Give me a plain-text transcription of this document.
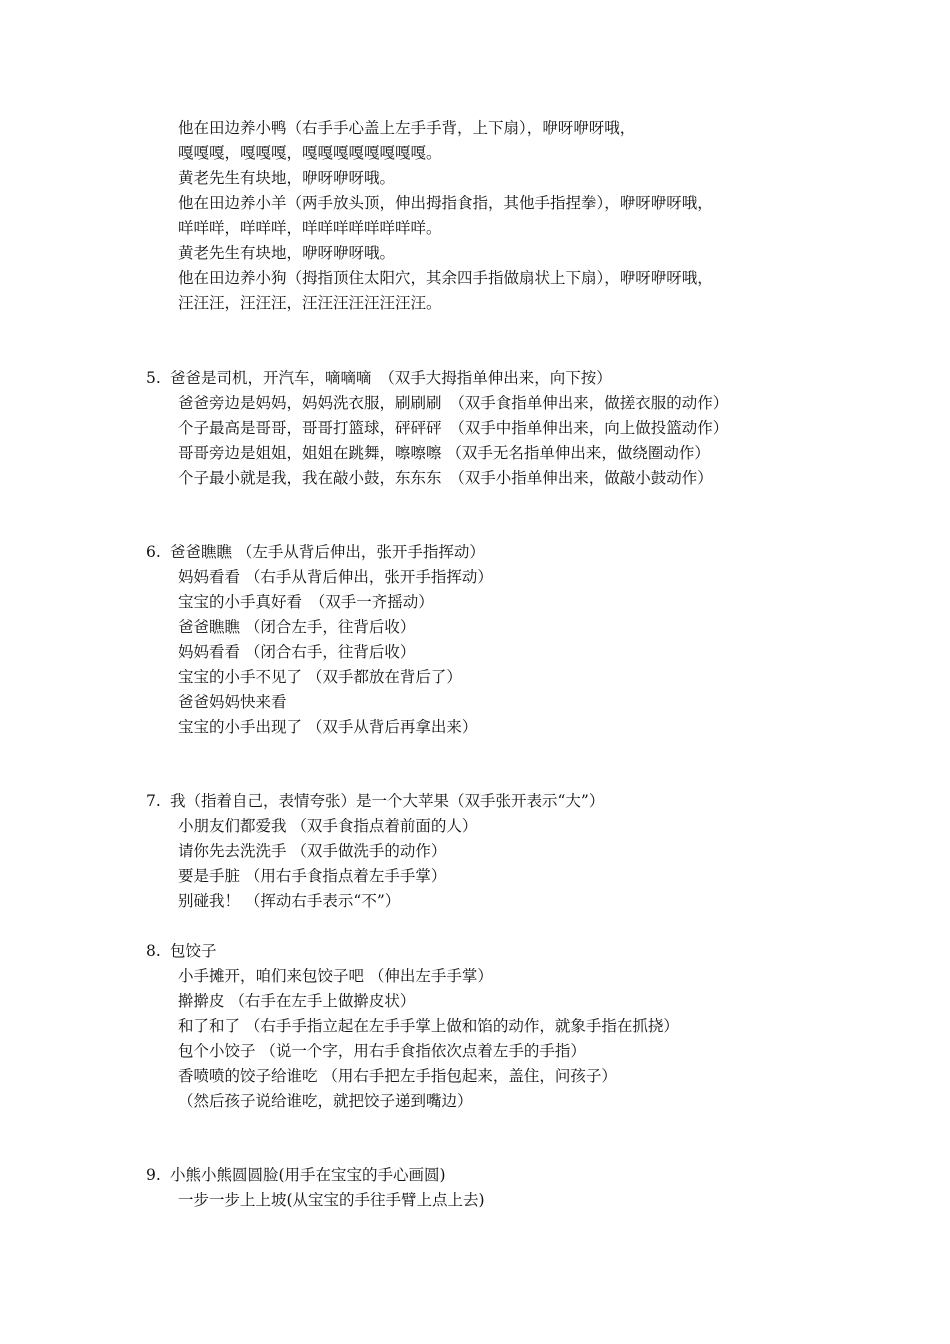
他在田边养小鸭（右手手心盖上左手手背，上下扇），咿呀咿呀哦，
嘎嘎嘎，嘎嘎嘎，嘎嘎嘎嘎嘎嘎嘎嘎。
黄老先生有块地，咿呀咿呀哦。
他在田边养小羊（两手放头顶，伸出拇指食指，其他手指捏拳），咿呀咿呀哦，
咩咩咩，咩咩咩，咩咩咩咩咩咩咩咩。
黄老先生有块地，咿呀咿呀哦。
他在田边养小狗（拇指顶住太阳穴，其余四手指做扇状上下扇），咿呀咿呀哦，
汪汪汪，汪汪汪，汪汪汪汪汪汪汪汪。
5. 爸爸是司机，开汽车，嘀嘀嘀　（双手大拇指单伸出来，向下按）
爸爸旁边是妈妈，妈妈洗衣服，刷刷刷　（双手食指单伸出来，做搓衣服的动作）
个子最高是哥哥，哥哥打篮球，砰砰砰　（双手中指单伸出来，向上做投篮动作）
哥哥旁边是姐姐，姐姐在跳舞，嚓嚓嚓 （双手无名指单伸出来，做绕圈动作）
个子最小就是我，我在敲小鼓，东东东　（双手小指单伸出来，做敲小鼓动作）
6. 爸爸瞧瞧 （左手从背后伸出，张开手指挥动）
妈妈看看 （右手从背后伸出，张开手指挥动）
宝宝的小手真好看　（双手一齐摇动）
爸爸瞧瞧 （闭合左手，往背后收）
妈妈看看 （闭合右手，往背后收）
宝宝的小手不见了 （双手都放在背后了）
爸爸妈妈快来看
宝宝的小手出现了 （双手从背后再拿出来）
7. 我（指着自己，表情夸张）是一个大苹果（双手张开表示“大”）
小朋友们都爱我 （双手食指点着前面的人）
请你先去洗洗手 （双手做洗手的动作）
要是手脏 （用右手食指点着左手手掌）
别碰我！ （挥动右手表示“不”）
8. 包饺子
小手摊开，咱们来包饺子吧 （伸出左手手掌）
擀擀皮 （右手在左手上做擀皮状）
和了和了 （右手手指立起在左手手掌上做和馅的动作，就象手指在抓挠）
包个小饺子 （说一个字，用右手食指依次点着左手的手指）
香喷喷的饺子给谁吃 （用右手把左手指包起来，盖住，问孩子）
（然后孩子说给谁吃，就把饺子递到嘴边）
9. 小熊小熊圆圆脸(用手在宝宝的手心画圆)
一步一步上上坡(从宝宝的手往手臂上点上去)
